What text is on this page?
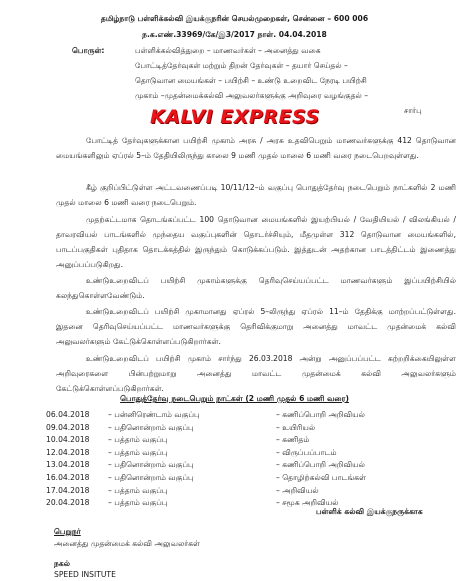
தமிழ்நாடு பள்ளிக்கல்வி இயக்குநரின் செயல்முறைகள், சென்னை – 600 006
ந.க.எண்.33969/கே/இ3/2017 நாள். 04.04.2018
பொருள்:	பள்ளிக்கல்வித்துறை – மாணவர்கள் – அனைத்து வகை
போட்டித்தேர்வுகள் மற்றும் திறன் தேர்வுகள் – தயார் செய்தல் –
தொடுவான மையங்கள் – பயிற்சி – உண்டு உறைவிட நேரடி பயிற்சி
முகாம் –முதன்மைக்கல்வி அலுவலர்களுக்கு அறிவுரை வழங்குதல் –
சார்பு
KALVI EXPRESS
போட்டித் தேர்வுகளுக்கான பயிற்சி முகாம் அரசு / அரசு உதவிபெறும் மாணவர்களுக்கு 412 தொடுவான மையங்களிலும் ஏப்ரல் 5–ம் தேதியிலிருந்து காலை 9 மணி முதல் மாலை 6 மணி வரை நடைபெறவுள்ளது.
கீழ் குறிப்பிட்டுள்ள அட்டவணைப்படி 10/11/12–ம் வகுப்பு பொதுத்தேர்வு நடைபெறும் நாட்களில் 2 மணி முதல் மாலை 6 மணி வரை நடைபெறும்.
முதற்கட்டமாக தொடங்கப்பட்ட 100 தொடுவான மையங்களில் இயற்பியல் / வேதியியல் / விலங்கியல் / தாவரவியல் பாடங்களில் முந்தைய வகுப்புகளின் தொடர்ச்சியும், மீதமுள்ள 312 தொடுவான மையங்களில், பாடப்பகுதிகள் புதிதாக தொடக்கத்தில் இருந்தும் கொடுக்கப்படும். இத்துடன் அதற்கான பாடத்திட்டம் இணைத்து அனுப்பப்படுகிறது.
உண்டுஉறைவிடப் பயிற்சி முகாம்களுக்கு தெரிவுசெய்யப்பட்ட மாணவர்களும் இப்பயிற்சியில் கலந்துகொள்ளவேண்டும்.
உண்டுஉறைவிடப் பயிற்சி முகாமானது ஏப்ரல் 5–லிருந்து ஏப்ரல் 11–ம் தேதிக்கு மாற்றப்பட்டுள்ளது. இதனை தெரிவுசெய்யப்பட்ட மாணவர்களுக்கு தெரிவிக்குமாறு அனைத்து மாவட்ட முதன்மைக் கல்வி அலுவலர்களும் கேட்டுக்கொள்ளப்படுகிறார்கள்.
உண்டுஉறைவிடப் பயிற்சி முகாம் சார்ந்து 26.03.2018 அன்று அனுப்பப்பட்ட சுற்றறிக்கையிலுள்ள அறிவுரைகளை பின்பற்றுமாறு அனைத்து மாவட்ட முதன்மைக் கல்வி அலுவலர்களும் கேட்டுக்கொள்ளப்படுகிறார்கள்.
பொதுத்தேர்வு நடைபெறும் நாட்கள் (2 மணி முதல் 6 மணி வரை)
06.04.2018 – பன்னிரெண்டாம் வகுப்பு	– கணிப்பொறி அறிவியல்
09.04.2018 – பதினொன்றாம் வகுப்பு	– உயிரியல்
10.04.2018 – பத்தாம் வகுப்பு	– கணிதம்
12.04.2018 – பத்தாம் வகுப்பு	– விருப்பப்பாடம்
13.04.2018 – பதினொன்றாம் வகுப்பு	– கணிப்பொறி அறிவியல்
16.04.2018 – பதினொன்றாம் வகுப்பு	– தொழிற்கல்வி பாடங்கள்
17.04.2018 – பத்தாம் வகுப்பு	– அறிவியல்
20.04.2018 – பத்தாம் வகுப்பு	– சமூக அறிவியல்
பள்ளிக் கல்வி இயக்குநருக்காக
பெறுநர்
அனைத்து முதன்மைக் கல்வி அலுவலர்கள்
நகல்
SPEED INSITUTE
